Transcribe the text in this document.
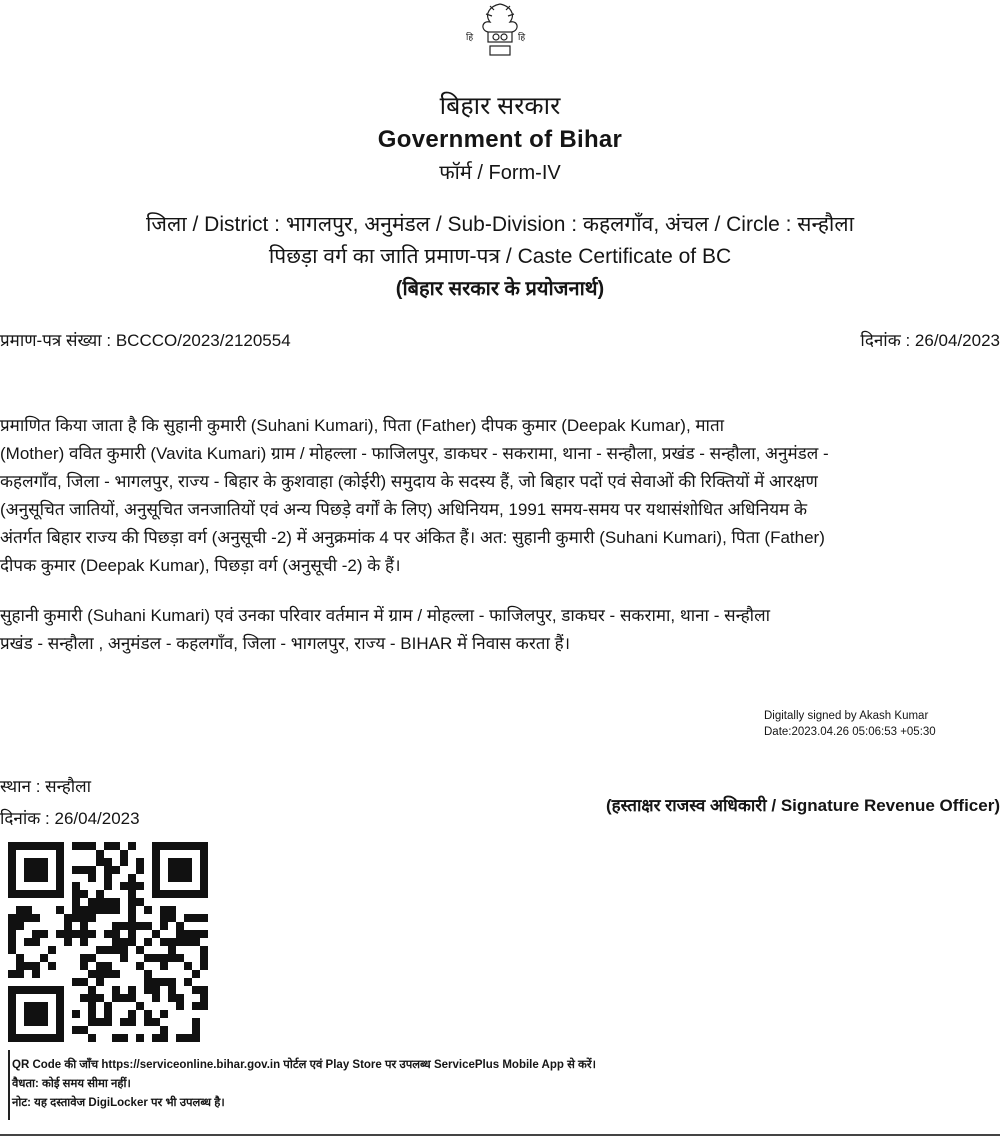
हि	हि
बिहार सरकार
Government of Bihar
फॉर्म / Form-IV
जिला / District : भागलपुर, अनुमंडल / Sub-Division : कहलगाँव, अंचल / Circle : सन्हौला
पिछड़ा वर्ग का जाति प्रमाण-पत्र / Caste Certificate of BC
(बिहार सरकार के प्रयोजनार्थ)
प्रमाण-पत्र संख्या : BCCCO/2023/2120554	दिनांक : 26/04/2023
प्रमाणित किया जाता है कि सुहानी कुमारी (Suhani Kumari), पिता (Father) दीपक कुमार (Deepak Kumar), माता
(Mother) ववित कुमारी (Vavita Kumari) ग्राम / मोहल्ला - फाजिलपुर, डाकघर - सकरामा, थाना - सन्हौला, प्रखंड - सन्हौला, अनुमंडल -
कहलगाँव, जिला - भागलपुर, राज्य - बिहार के कुशवाहा (कोईरी) समुदाय के सदस्य हैं, जो बिहार पदों एवं सेवाओं की रिक्तियों में आरक्षण
(अनुसूचित जातियों, अनुसूचित जनजातियों एवं अन्य पिछड़े वर्गों के लिए) अधिनियम, 1991 समय-समय पर यथासंशोधित अधिनियम के
अंतर्गत बिहार राज्य की पिछड़ा वर्ग (अनुसूची -2) में अनुक्रमांक 4 पर अंकित हैं। अत: सुहानी कुमारी (Suhani Kumari), पिता (Father)
दीपक कुमार (Deepak Kumar), पिछड़ा वर्ग (अनुसूची -2) के हैं।
सुहानी कुमारी (Suhani Kumari) एवं उनका परिवार वर्तमान में ग्राम / मोहल्ला - फाजिलपुर, डाकघर - सकरामा, थाना - सन्हौला
प्रखंड - सन्हौला , अनुमंडल - कहलगाँव, जिला - भागलपुर, राज्य - BIHAR में निवास करता हैं।
Digitally signed by Akash Kumar
Date:2023.04.26 05:06:53 +05:30
स्थान : सन्हौला
दिनांक : 26/04/2023
(हस्ताक्षर राजस्व अधिकारी / Signature Revenue Officer)
QR Code की जाँच https://serviceonline.bihar.gov.in पोर्टल एवं Play Store पर उपलब्ध ServicePlus Mobile App से करें।
वैधता: कोई समय सीमा नहीं।
नोट: यह दस्तावेज DigiLocker पर भी उपलब्ध है।
